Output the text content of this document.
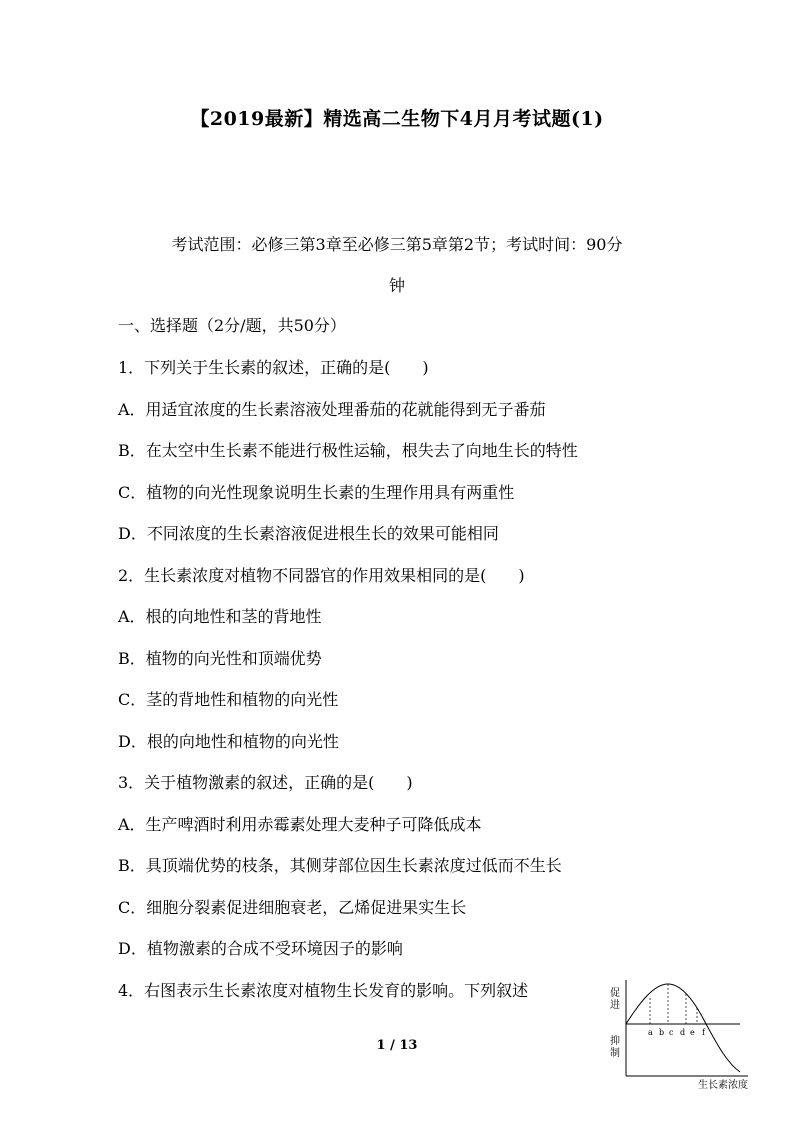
【2019最新】精选高二生物下4月月考试题(1)
考试范围：必修三第3章至必修三第5章第2节；考试时间：90分
钟
一、选择题（2分/题，共50分）
1．下列关于生长素的叙述，正确的是(　　)
A．用适宜浓度的生长素溶液处理番茄的花就能得到无子番茄
B．在太空中生长素不能进行极性运输，根失去了向地生长的特性
C．植物的向光性现象说明生长素的生理作用具有两重性
D．不同浓度的生长素溶液促进根生长的效果可能相同
2．生长素浓度对植物不同器官的作用效果相同的是(　　)
A．根的向地性和茎的背地性
B．植物的向光性和顶端优势
C．茎的背地性和植物的向光性
D．根的向地性和植物的向光性
3．关于植物激素的叙述，正确的是(　　)
A．生产啤酒时利用赤霉素处理大麦种子可降低成本
B．具顶端优势的枝条，其侧芽部位因生长素浓度过低而不生长
C．细胞分裂素促进细胞衰老，乙烯促进果实生长
D．植物激素的合成不受环境因子的影响
4．右图表示生长素浓度对植物生长发育的影响。下列叙述
a b c d e f
促
进
抑
制
生长素浓度
1 / 13
